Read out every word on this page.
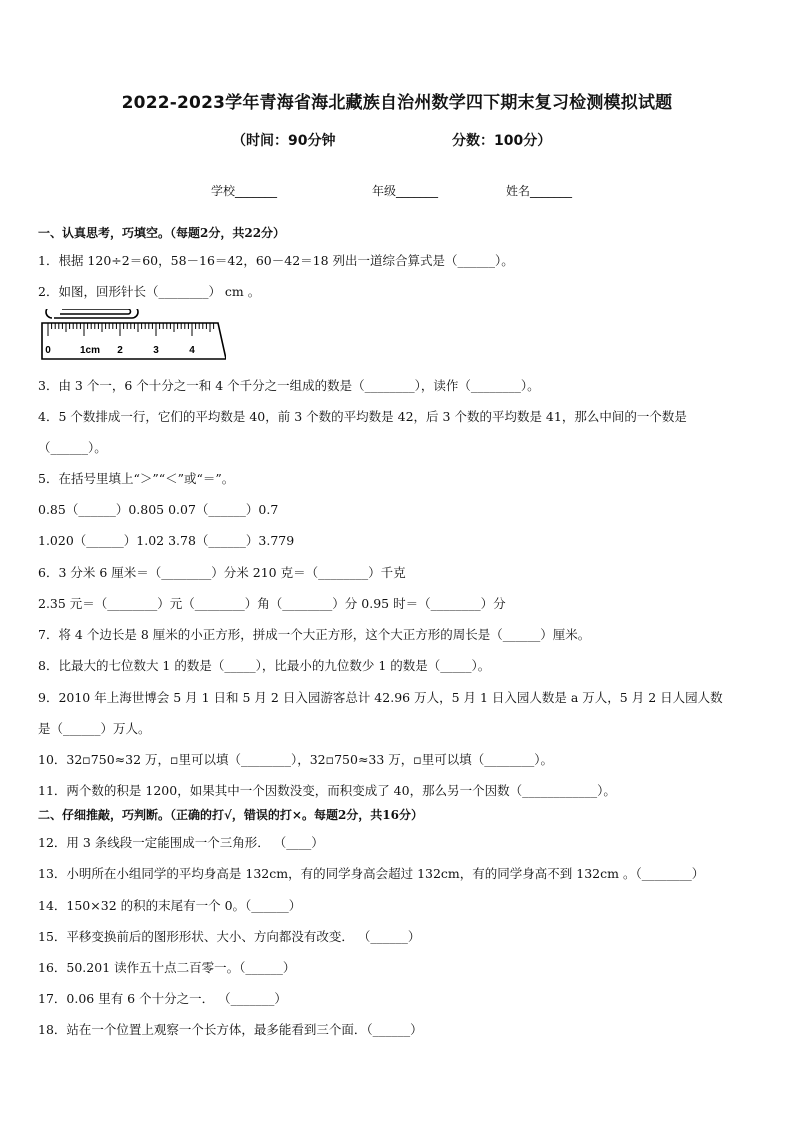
2022-2023学年青海省海北藏族自治州数学四下期末复习检测模拟试题
（时间：90分钟	分数：100分）
学校_______	年级_______	姓名_______
一、认真思考，巧填空。（每题2分，共22分）
1．根据 120÷2＝60，58－16＝42，60－42＝18 列出一道综合算式是（______）。
2．如图，回形针长（________） cm 。
0	1cm 2	3	4
3．由 3 个一，6 个十分之一和 4 个千分之一组成的数是（________），读作（________）。
4．5 个数排成一行，它们的平均数是 40，前 3 个数的平均数是 42，后 3 个数的平均数是 41，那么中间的一个数是
（______）。
5．在括号里填上“＞”“＜”或“＝”。
0.85（______）0.805 0.07（______）0.7
1.020（______）1.02 3.78（______）3.779
6．3 分米 6 厘米＝（________）分米 210 克＝（________）千克
2.35 元＝（________）元（________）角（________）分 0.95 时＝（________）分
7．将 4 个边长是 8 厘米的小正方形，拼成一个大正方形，这个大正方形的周长是（______）厘米。
8．比最大的七位数大 1 的数是（_____），比最小的九位数少 1 的数是（_____）。
9．2010 年上海世博会 5 月 1 日和 5 月 2 日入园游客总计 42.96 万人，5 月 1 日入园人数是 a 万人，5 月 2 日人园人数
是（______）万人。
10．32▫750≈32 万，▫里可以填（________），32▫750≈33 万，▫里可以填（________）。
11．两个数的积是 1200，如果其中一个因数没变，而积变成了 40，那么另一个因数（____________）。
二、仔细推敲，巧判断。（正确的打√，错误的打×。每题2分，共16分）
12．用 3 条线段一定能围成一个三角形． （____）
13．小明所在小组同学的平均身高是 132cm，有的同学身高会超过 132cm，有的同学身高不到 132cm 。（________）
14．150×32 的积的末尾有一个 0。（______）
15．平移变换前后的图形形状、大小、方向都没有改变． （______）
16．50.201 读作五十点二百零一。（______）
17．0.06 里有 6 个十分之一． （_______）
18．站在一个位置上观察一个长方体，最多能看到三个面．（______）
